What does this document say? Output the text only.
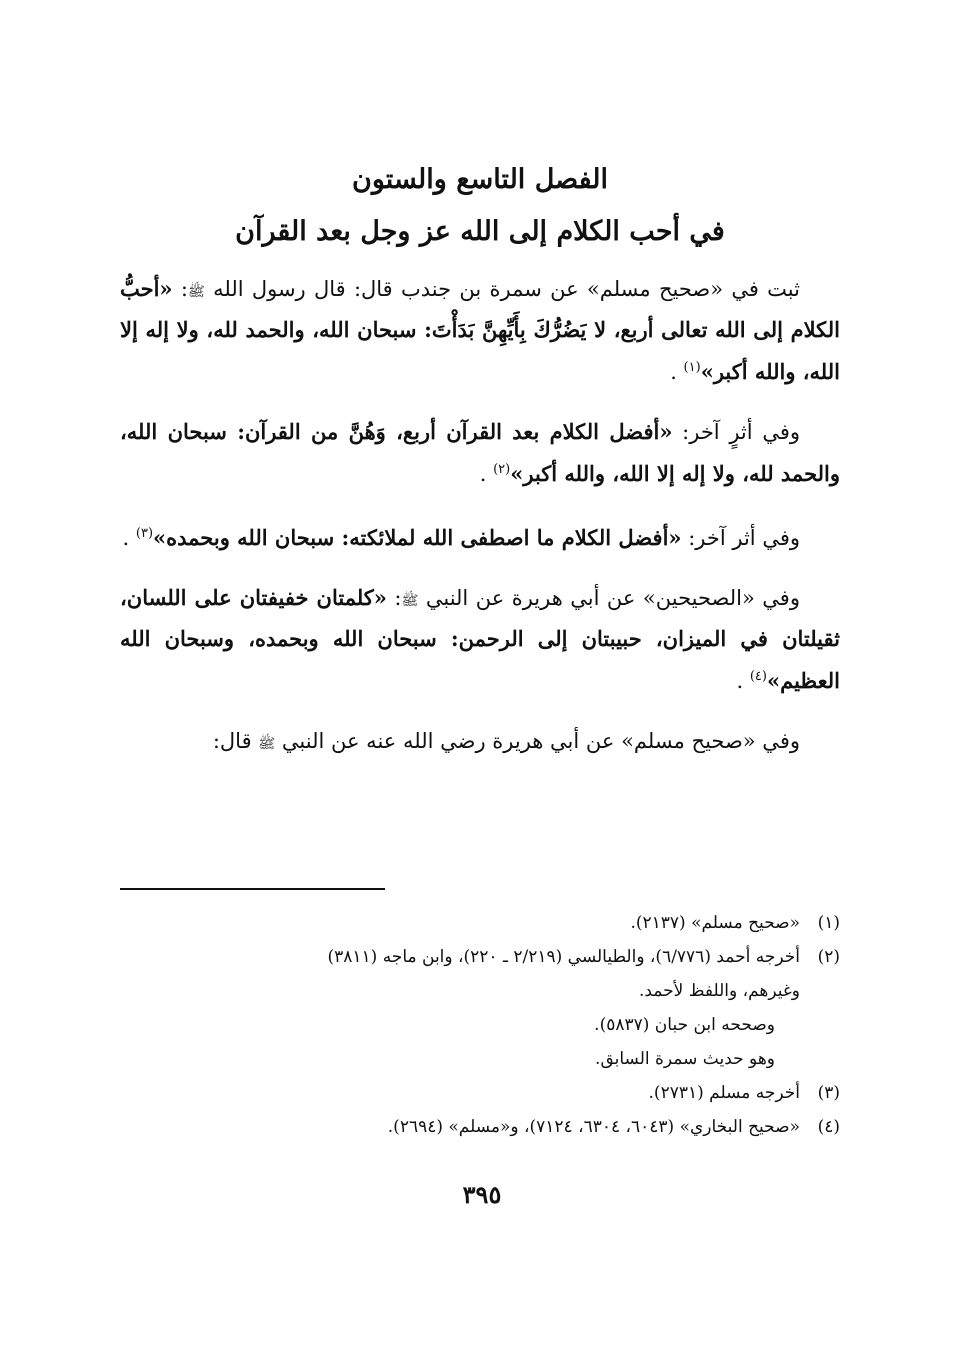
الفصل التاسع والستون
في أحب الكلام إلى الله عز وجل بعد القرآن

ثبت في «صحيح مسلم» عن سمرة بن جندب قال: قال رسول الله ﷺ: «أحبُّ الكلام إلى الله تعالى أربع، لا يَضُرُّكَ بِأَيِّهِنَّ بَدَأْتَ: سبحان الله، والحمد لله، ولا إله إلا الله، والله أكبر»$^{(١)}$ .

وفي أثرٍ آخر: «أفضل الكلام بعد القرآن أربع، وَهُنَّ من القرآن: سبحان الله، والحمد لله، ولا إله إلا الله، والله أكبر»$^{(٢)}$ .

وفي أثر آخر: «أفضل الكلام ما اصطفى الله لملائكته: سبحان الله وبحمده»$^{(٣)}$ .

وفي «الصحيحين» عن أبي هريرة عن النبي ﷺ: «كلمتان خفيفتان على اللسان، ثقيلتان في الميزان، حبيبتان إلى الرحمن: سبحان الله وبحمده، وسبحان الله العظيم»$^{(٤)}$ .

وفي «صحيح مسلم» عن أبي هريرة رضي الله عنه عن النبي ﷺ قال:

(١)
«صحيح مسلم» (٢١٣٧).
(٢)
أخرجه أحمد (٦/٧٧٦)، والطيالسي (٢/٢١٩ ـ ٢٢٠)، وابن ماجه (٣٨١١)
وغيرهم، واللفظ لأحمد.
وصححه ابن حبان (٥٨٣٧).
وهو حديث سمرة السابق.
(٣)
أخرجه مسلم (٢٧٣١).
(٤)
«صحيح البخاري» (٦٠٤٣، ٦٣٠٤، ٧١٢٤)، و«مسلم» (٢٦٩٤).
٣٩٥
